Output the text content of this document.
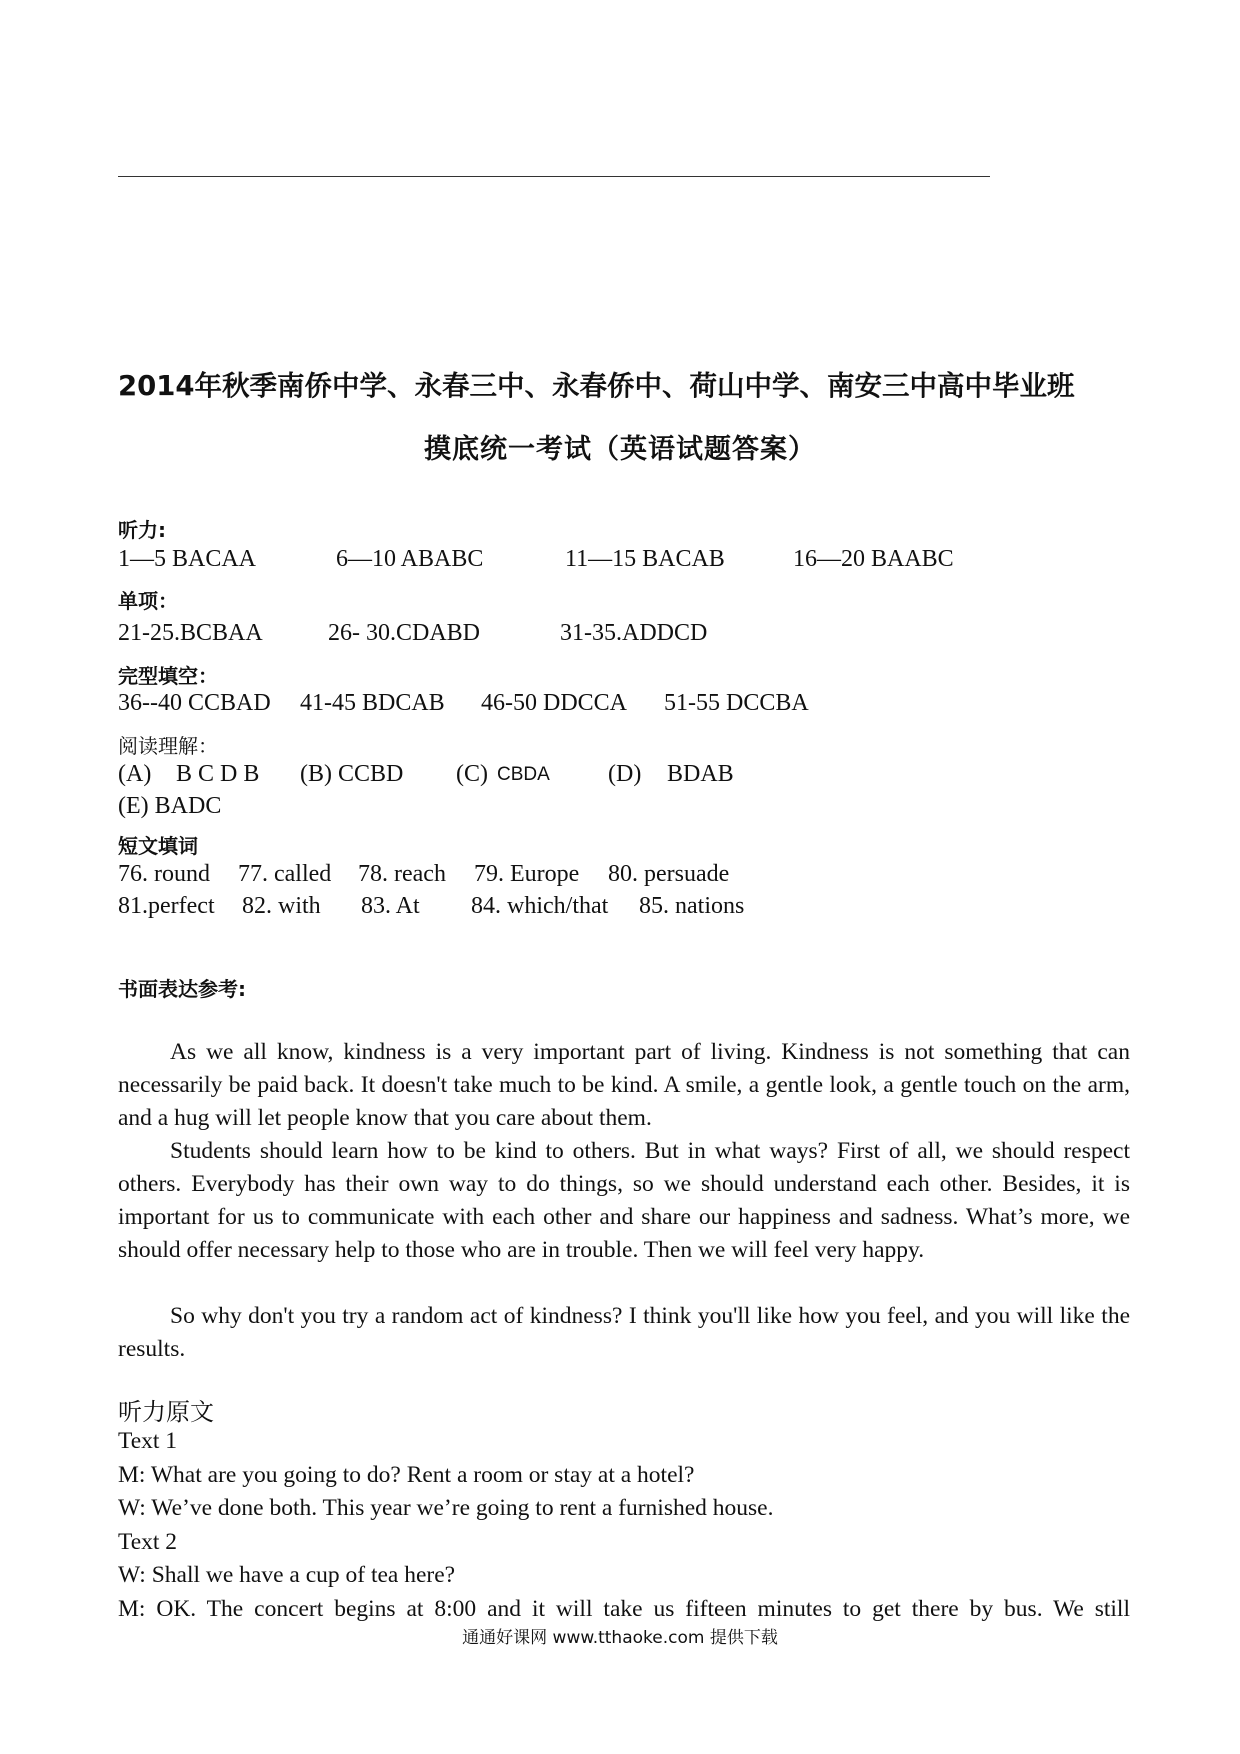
2014年秋季南侨中学、永春三中、永春侨中、荷山中学、南安三中高中毕业班
摸底统一考试（英语试题答案）
听力:
1—5 BACAA	6—10 ABABC	11—15 BACAB	16—20 BAABC
单项：
21-25.BCBAA	26- 30.CDABD	31-35.ADDCD
完型填空：
36--40 CCBAD 41-45 BDCAB 46-50 DDCCA 51-55 DCCBA
阅读理解：
(A) B C D B (B) CCBD (C) CBDA (D) BDAB
(E) BADC
短文填词
76. round 77. called 78. reach 79. Europe 80. persuade
81.perfect 82. with 83. At 84. which/that 85. nations
书面表达参考:
As we all know, kindness is a very important part of living. Kindness is not something that can necessarily be paid back. It doesn't take much to be kind. A smile, a gentle look, a gentle touch on the arm, and a hug will let people know that you care about them.
Students should learn how to be kind to others. But in what ways? First of all, we should respect others. Everybody has their own way to do things, so we should understand each other. Besides, it is important for us to communicate with each other and share our happiness and sadness. What’s more, we should offer necessary help to those who are in trouble. Then we will feel very happy.
So why don't you try a random act of kindness? I think you'll like how you feel, and you will like the results.
听力原文
Text 1
M: What are you going to do? Rent a room or stay at a hotel?
W: We’ve done both. This year we’re going to rent a furnished house.
Text 2
W: Shall we have a cup of tea here?
M: OK. The concert begins at 8:00 and it will take us fifteen minutes to get there by bus. We still
通通好课网 www.tthaoke.com 提供下载
